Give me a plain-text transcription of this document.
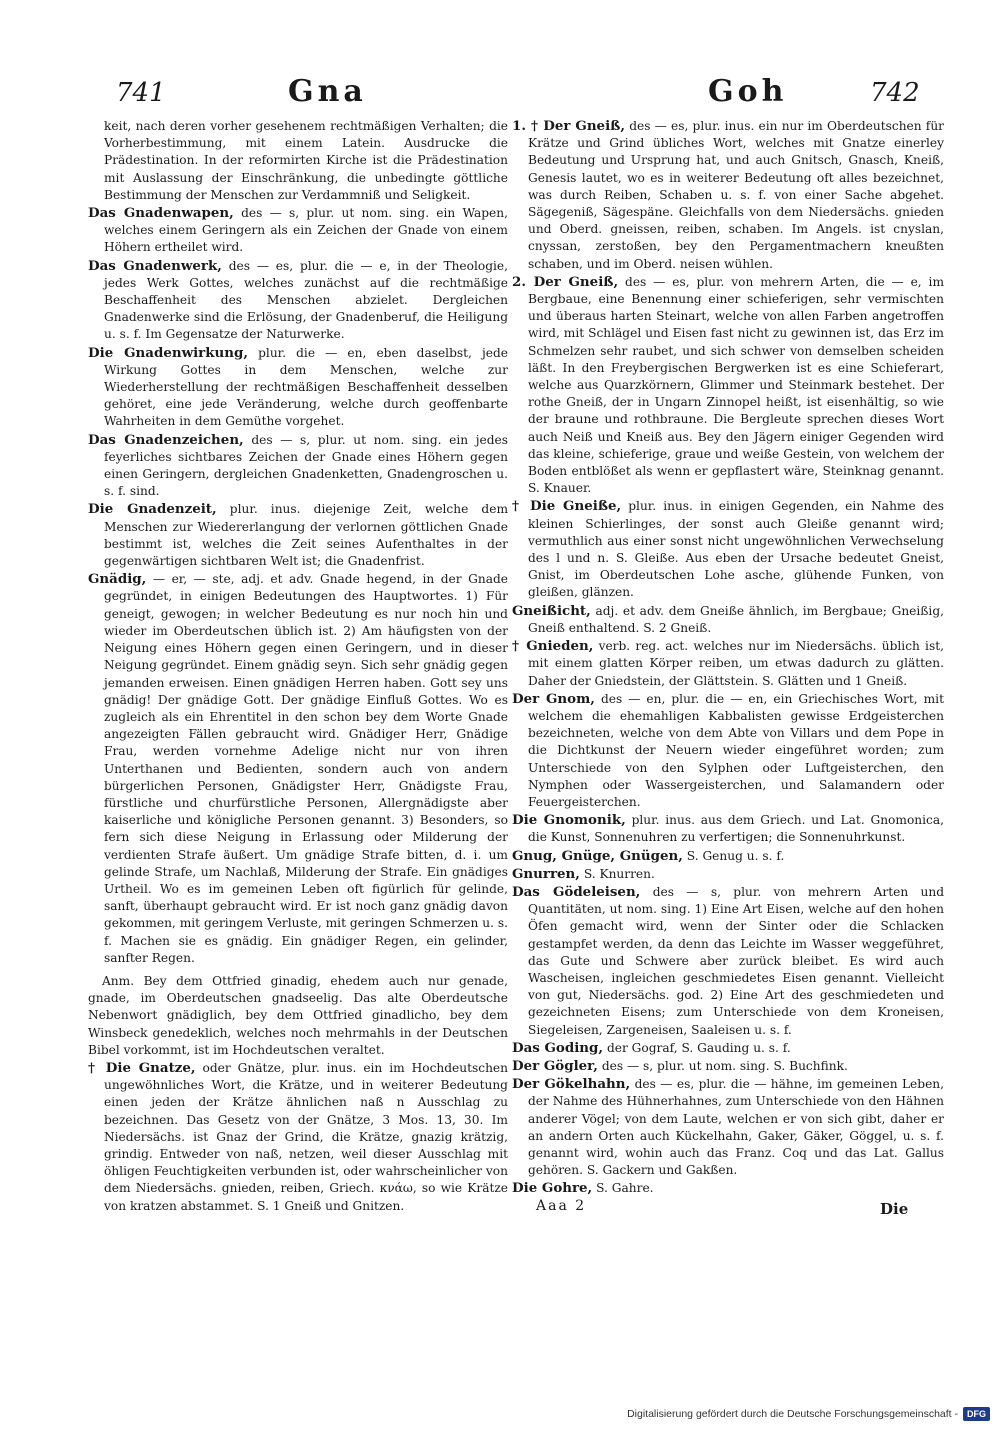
741	Gna	Goh	742

keit, nach deren vorher gesehenem rechtmäßigen Verhalten; die Vorherbestimmung, mit einem Latein. Ausdrucke die Prädestination. In der reformirten Kirche ist die Prädestination mit Auslassung der Einschränkung, die unbedingte göttliche Bestimmung der Menschen zur Verdammniß und Seligkeit.

Das Gnadenwapen, des — s, plur. ut nom. sing. ein Wapen, welches einem Geringern als ein Zeichen der Gnade von einem Höhern ertheilet wird.

Das Gnadenwerk, des — es, plur. die — e, in der Theologie, jedes Werk Gottes, welches zunächst auf die rechtmäßige Beschaffenheit des Menschen abzielet. Dergleichen Gnadenwerke sind die Erlösung, der Gnadenberuf, die Heiligung u. s. f. Im Gegensatze der Naturwerke.

Die Gnadenwirkung, plur. die — en, eben daselbst, jede Wirkung Gottes in dem Menschen, welche zur Wiederherstellung der rechtmäßigen Beschaffenheit desselben gehöret, eine jede Veränderung, welche durch geoffenbarte Wahrheiten in dem Gemüthe vorgehet.

Das Gnadenzeichen, des — s, plur. ut nom. sing. ein jedes feyerliches sichtbares Zeichen der Gnade eines Höhern gegen einen Geringern, dergleichen Gnadenketten, Gnadengroschen u. s. f. sind.

Die Gnadenzeit, plur. inus. diejenige Zeit, welche dem Menschen zur Wiedererlangung der verlornen göttlichen Gnade bestimmt ist, welches die Zeit seines Aufenthaltes in der gegenwärtigen sichtbaren Welt ist; die Gnadenfrist.

Gnädig, — er, — ste, adj. et adv. Gnade hegend, in der Gnade gegründet, in einigen Bedeutungen des Hauptwortes. 1) Für geneigt, gewogen; in welcher Bedeutung es nur noch hin und wieder im Oberdeutschen üblich ist. 2) Am häufigsten von der Neigung eines Höhern gegen einen Geringern, und in dieser Neigung gegründet. Einem gnädig seyn. Sich sehr gnädig gegen jemanden erweisen. Einen gnädigen Herren haben. Gott sey uns gnädig! Der gnädige Gott. Der gnädige Einfluß Gottes. Wo es zugleich als ein Ehrentitel in den schon bey dem Worte Gnade angezeigten Fällen gebraucht wird. Gnädiger Herr, Gnädige Frau, werden vornehme Adelige nicht nur von ihren Unterthanen und Bedienten, sondern auch von andern bürgerlichen Personen, Gnädigster Herr, Gnädigste Frau, fürstliche und churfürstliche Personen, Allergnädigste aber kaiserliche und königliche Personen genannt. 3) Besonders, so fern sich diese Neigung in Erlassung oder Milderung der verdienten Strafe äußert. Um gnädige Strafe bitten, d. i. um gelinde Strafe, um Nachlaß, Milderung der Strafe. Ein gnädiges Urtheil. Wo es im gemeinen Leben oft figürlich für gelinde, sanft, überhaupt gebraucht wird. Er ist noch ganz gnädig davon gekommen, mit geringem Verluste, mit geringen Schmerzen u. s. f. Machen sie es gnädig. Ein gnädiger Regen, ein gelinder, sanfter Regen.

Anm. Bey dem Ottfried ginadig, ehedem auch nur genade, gnade, im Oberdeutschen gnadseelig. Das alte Oberdeutsche Nebenwort gnädiglich, bey dem Ottfried ginadlicho, bey dem Winsbeck genedeklich, welches noch mehrmahls in der Deutschen Bibel vorkommt, ist im Hochdeutschen veraltet.

† Die Gnatze, oder Gnätze, plur. inus. ein im Hochdeutschen ungewöhnliches Wort, die Krätze, und in weiterer Bedeutung einen jeden der Krätze ähnlichen naß n Ausschlag zu bezeichnen. Das Gesetz von der Gnätze, 3 Mos. 13, 30. Im Niedersächs. ist Gnaz der Grind, die Krätze, gnazig krätzig, grindig. Entweder von naß, netzen, weil dieser Ausschlag mit öhligen Feuchtigkeiten verbunden ist, oder wahrscheinlicher von dem Niedersächs. gnieden, reiben, Griech. κνάω, so wie Krätze von kratzen abstammet. S. 1 Gneiß und Gnitzen.

1. † Der Gneiß, des — es, plur. inus. ein nur im Oberdeutschen für Krätze und Grind übliches Wort, welches mit Gnatze einerley Bedeutung und Ursprung hat, und auch Gnitsch, Gnasch, Kneiß, Genesis lautet, wo es in weiterer Bedeutung oft alles bezeichnet, was durch Reiben, Schaben u. s. f. von einer Sache abgehet. Sägegeniß, Sägespäne. Gleichfalls von dem Niedersächs. gnieden und Oberd. gneissen, reiben, schaben. Im Angels. ist cnyslan, cnyssan, zerstoßen, bey den Pergamentmachern kneußten schaben, und im Oberd. neisen wühlen.

2. Der Gneiß, des — es, plur. von mehrern Arten, die — e, im Bergbaue, eine Benennung einer schieferigen, sehr vermischten und überaus harten Steinart, welche von allen Farben angetroffen wird, mit Schlägel und Eisen fast nicht zu gewinnen ist, das Erz im Schmelzen sehr raubet, und sich schwer von demselben scheiden läßt. In den Freybergischen Bergwerken ist es eine Schieferart, welche aus Quarzkörnern, Glimmer und Steinmark bestehet. Der rothe Gneiß, der in Ungarn Zinnopel heißt, ist eisenhältig, so wie der braune und rothbraune. Die Bergleute sprechen dieses Wort auch Neiß und Kneiß aus. Bey den Jägern einiger Gegenden wird das kleine, schieferige, graue und weiße Gestein, von welchem der Boden entblößet als wenn er gepflastert wäre, Steinknag genannt. S. Knauer.

† Die Gneiße, plur. inus. in einigen Gegenden, ein Nahme des kleinen Schierlinges, der sonst auch Gleiße genannt wird; vermuthlich aus einer sonst nicht ungewöhnlichen Verwechselung des l und n. S. Gleiße. Aus eben der Ursache bedeutet Gneist, Gnist, im Oberdeutschen Lohe asche, glühende Funken, von gleißen, glänzen.

Gneißicht, adj. et adv. dem Gneiße ähnlich, im Bergbaue; Gneißig, Gneiß enthaltend. S. 2 Gneiß.

† Gnieden, verb. reg. act. welches nur im Niedersächs. üblich ist, mit einem glatten Körper reiben, um etwas dadurch zu glätten. Daher der Gniedstein, der Glättstein. S. Glätten und 1 Gneiß.

Der Gnom, des — en, plur. die — en, ein Griechisches Wort, mit welchem die ehemahligen Kabbalisten gewisse Erdgeisterchen bezeichneten, welche von dem Abte von Villars und dem Pope in die Dichtkunst der Neuern wieder eingeführet worden; zum Unterschiede von den Sylphen oder Luftgeisterchen, den Nymphen oder Wassergeisterchen, und Salamandern oder Feuergeisterchen.

Die Gnomonik, plur. inus. aus dem Griech. und Lat. Gnomonica, die Kunst, Sonnenuhren zu verfertigen; die Sonnenuhrkunst.

Gnug, Gnüge, Gnügen, S. Genug u. s. f.

Gnurren, S. Knurren.

Das Gödeleisen, des — s, plur. von mehrern Arten und Quantitäten, ut nom. sing. 1) Eine Art Eisen, welche auf den hohen Öfen gemacht wird, wenn der Sinter oder die Schlacken gestampfet werden, da denn das Leichte im Wasser weggeführet, das Gute und Schwere aber zurück bleibet. Es wird auch Wascheisen, ingleichen geschmiedetes Eisen genannt. Vielleicht von gut, Niedersächs. god. 2) Eine Art des geschmiedeten und gezeichneten Eisens; zum Unterschiede von dem Kroneisen, Siegeleisen, Zargeneisen, Saaleisen u. s. f.

Das Goding, der Gograf, S. Gauding u. s. f.

Der Gögler, des — s, plur. ut nom. sing. S. Buchfink.

Der Gökelhahn, des — es, plur. die — hähne, im gemeinen Leben, der Nahme des Hühnerhahnes, zum Unterschiede von den Hähnen anderer Vögel; von dem Laute, welchen er von sich gibt, daher er an andern Orten auch Kückelhahn, Gaker, Gäker, Göggel, u. s. f. genannt wird, wohin auch das Franz. Coq und das Lat. Gallus gehören. S. Gackern und Gakßen.

Die Gohre, S. Gahre.

Aaa 2	Die
Digitalisierung gefördert durch die Deutsche Forschungsgemeinschaft -	DFG
